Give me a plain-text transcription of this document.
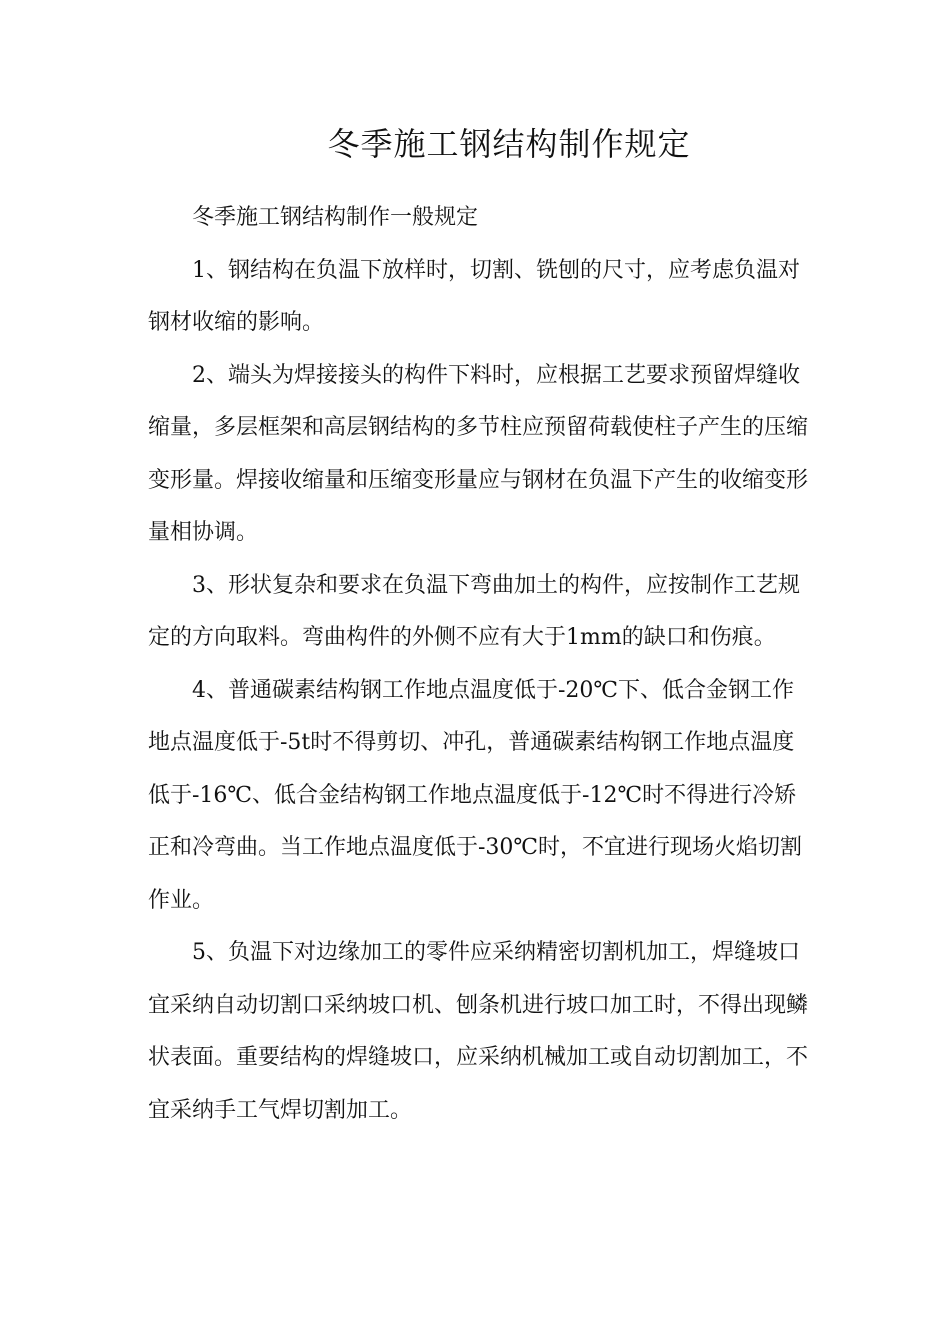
冬季施工钢结构制作规定

冬季施工钢结构制作一般规定

1、钢结构在负温下放样时，切割、铣刨的尺寸，应考虑负温对钢材收缩的影响。

2、端头为焊接接头的构件下料时，应根据工艺要求预留焊缝收缩量，多层框架和高层钢结构的多节柱应预留荷载使柱子产生的压缩变形量。焊接收缩量和压缩变形量应与钢材在负温下产生的收缩变形量相协调。

3、形状复杂和要求在负温下弯曲加土的构件，应按制作工艺规定的方向取料。弯曲构件的外侧不应有大于1mm的缺口和伤痕。

4、普通碳素结构钢工作地点温度低于-20℃下、低合金钢工作地点温度低于-5t时不得剪切、冲孔，普通碳素结构钢工作地点温度低于-16℃、低合金结构钢工作地点温度低于-12℃时不得进行冷矫正和冷弯曲。当工作地点温度低于-30℃时，不宜进行现场火焰切割作业。

5、负温下对边缘加工的零件应采纳精密切割机加工，焊缝坡口宜采纳自动切割口采纳坡口机、刨条机进行坡口加工时，不得出现鳞状表面。重要结构的焊缝坡口，应采纳机械加工或自动切割加工，不宜采纳手工气焊切割加工。
